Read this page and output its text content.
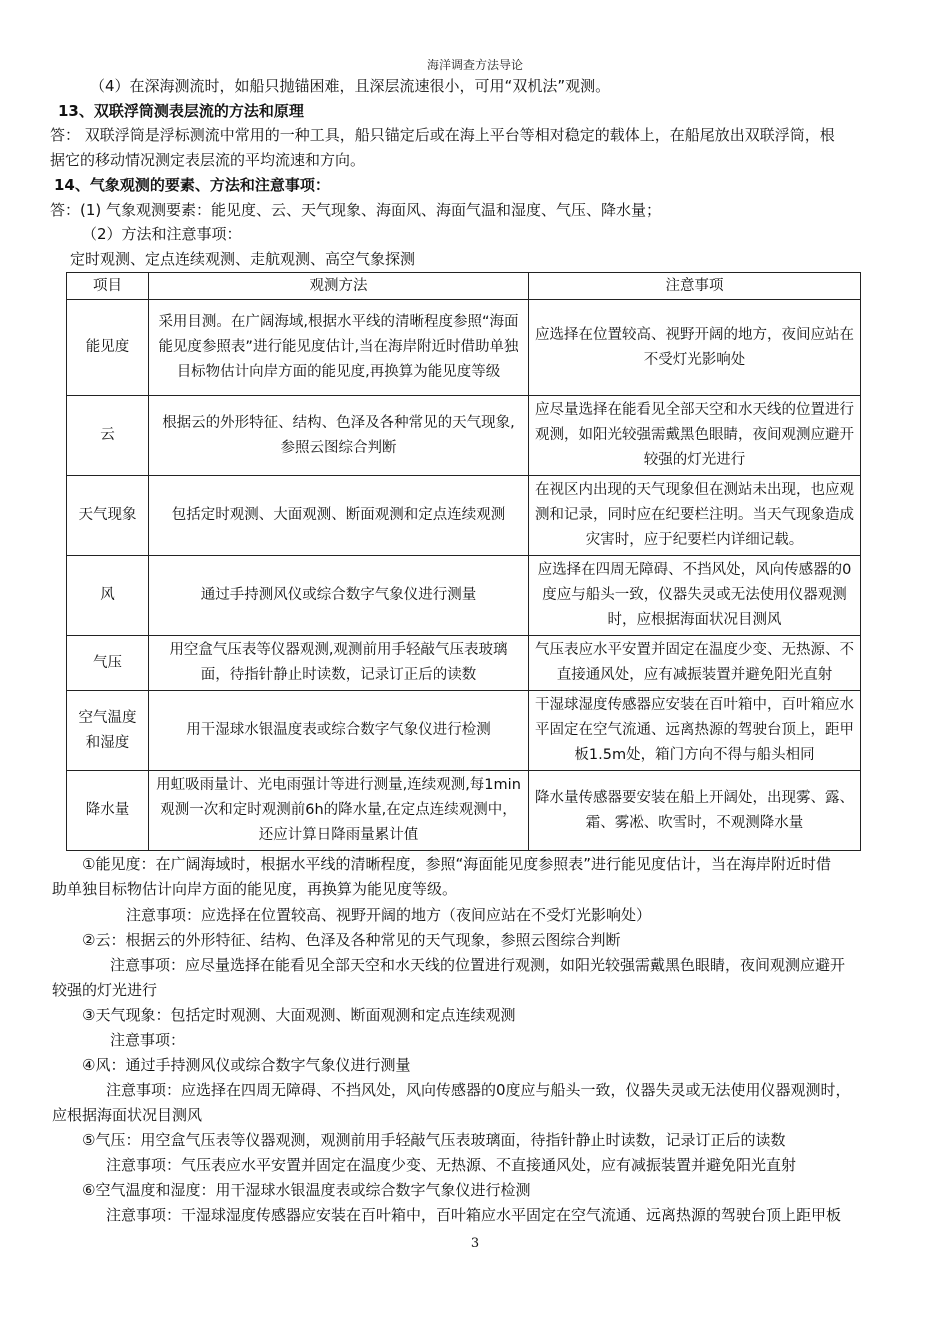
海洋调查方法导论
（4）在深海测流时，如船只抛锚困难，且深层流速很小，可用“双机法”观测。
13、双联浮筒测表层流的方法和原理
答： 双联浮筒是浮标测流中常用的一种工具，船只锚定后或在海上平台等相对稳定的载体上，在船尾放出双联浮筒，根
据它的移动情况测定表层流的平均流速和方向。
14、气象观测的要素、方法和注意事项：
答：(1) 气象观测要素：能见度、云、天气现象、海面风、海面气温和湿度、气压、降水量；
（2）方法和注意事项：
定时观测、定点连续观测、走航观测、高空气象探测
项目	观测方法	注意事项
能见度	采用目测。在广阔海域,根据水平线的清晰程度参照“海面能见度参照表”进行能见度估计,当在海岸附近时借助单独目标物估计向岸方面的能见度,再换算为能见度等级	应选择在位置较高、视野开阔的地方，夜间应站在不受灯光影响处
云	根据云的外形特征、结构、色泽及各种常见的天气现象,参照云图综合判断	应尽量选择在能看见全部天空和水天线的位置进行观测，如阳光较强需戴黑色眼睛，夜间观测应避开较强的灯光进行
天气现象	包括定时观测、大面观测、断面观测和定点连续观测	在视区内出现的天气现象但在测站未出现，也应观测和记录，同时应在纪要栏注明。当天气现象造成灾害时，应于纪要栏内详细记载。
风	通过手持测风仪或综合数字气象仪进行测量	应选择在四周无障碍、不挡风处，风向传感器的0度应与船头一致，仪器失灵或无法使用仪器观测时，应根据海面状况目测风
气压	用空盒气压表等仪器观测,观测前用手轻敲气压表玻璃面，待指针静止时读数，记录订正后的读数	气压表应水平安置并固定在温度少变、无热源、不直接通风处，应有减振装置并避免阳光直射
空气温度和湿度	用干湿球水银温度表或综合数字气象仪进行检测	干湿球湿度传感器应安装在百叶箱中，百叶箱应水平固定在空气流通、远离热源的驾驶台顶上，距甲板1.5m处，箱门方向不得与船头相同
降水量	用虹吸雨量计、光电雨强计等进行测量,连续观测,每1min观测一次和定时观测前6h的降水量,在定点连续观测中，还应计算日降雨量累计值	降水量传感器要安装在船上开阔处，出现雾、露、霜、雾凇、吹雪时，不观测降水量
①能见度：在广阔海域时，根据水平线的清晰程度，参照“海面能见度参照表”进行能见度估计，当在海岸附近时借
助单独目标物估计向岸方面的能见度，再换算为能见度等级。
注意事项：应选择在位置较高、视野开阔的地方（夜间应站在不受灯光影响处）
②云：根据云的外形特征、结构、色泽及各种常见的天气现象，参照云图综合判断
注意事项：应尽量选择在能看见全部天空和水天线的位置进行观测，如阳光较强需戴黑色眼睛，夜间观测应避开
较强的灯光进行
③天气现象：包括定时观测、大面观测、断面观测和定点连续观测
注意事项：
④风：通过手持测风仪或综合数字气象仪进行测量
注意事项：应选择在四周无障碍、不挡风处，风向传感器的0度应与船头一致，仪器失灵或无法使用仪器观测时，
应根据海面状况目测风
⑤气压：用空盒气压表等仪器观测，观测前用手轻敲气压表玻璃面，待指针静止时读数，记录订正后的读数
注意事项：气压表应水平安置并固定在温度少变、无热源、不直接通风处，应有减振装置并避免阳光直射
⑥空气温度和湿度：用干湿球水银温度表或综合数字气象仪进行检测
注意事项：干湿球湿度传感器应安装在百叶箱中，百叶箱应水平固定在空气流通、远离热源的驾驶台顶上距甲板
3
